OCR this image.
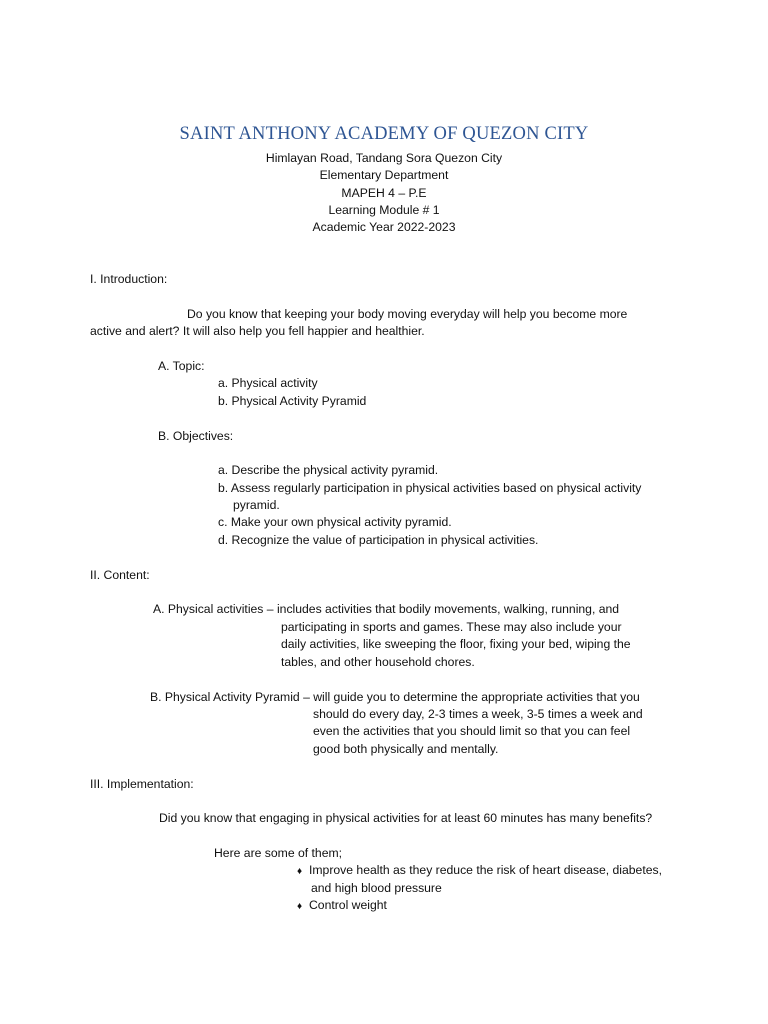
SAINT ANTHONY ACADEMY OF QUEZON CITY
Himlayan Road, Tandang Sora Quezon City
Elementary Department
MAPEH 4 – P.E
Learning Module # 1
Academic Year 2022-2023
I. Introduction:
Do you know that keeping your body moving everyday will help you become more
active and alert? It will also help you fell happier and healthier.
A. Topic:
a. Physical activity
b. Physical Activity Pyramid
B. Objectives:
a. Describe the physical activity pyramid.
b. Assess regularly participation in physical activities based on physical activity
pyramid.
c. Make your own physical activity pyramid.
d. Recognize the value of participation in physical activities.
II. Content:
A. Physical activities – includes activities that bodily movements, walking, running, and
participating in sports and games. These may also include your
daily activities, like sweeping the floor, fixing your bed, wiping the
tables, and other household chores.
B. Physical Activity Pyramid – will guide you to determine the appropriate activities that you
should do every day, 2-3 times a week, 3-5 times a week and
even the activities that you should limit so that you can feel
good both physically and mentally.
III. Implementation:
Did you know that engaging in physical activities for at least 60 minutes has many benefits?
Here are some of them;
♦ Improve health as they reduce the risk of heart disease, diabetes,
and high blood pressure
♦ Control weight
